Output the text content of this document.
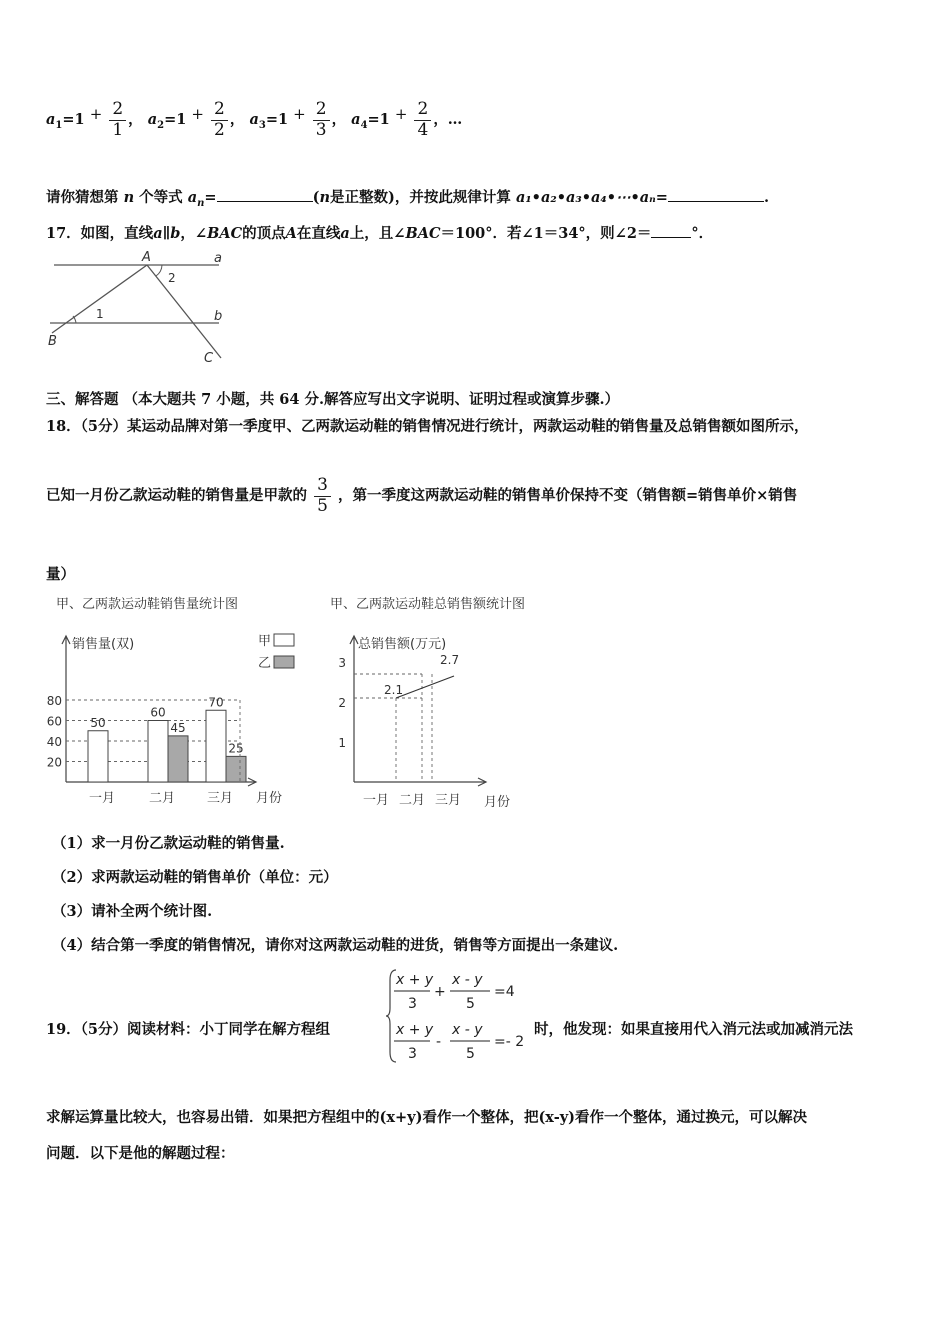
$a_1=1 + \frac{2}{1}$ ， $a_2=1 + \frac{2}{2}$ ， $a_3=1 + \frac{2}{3}$ ， $a_4=1 + \frac{2}{4}$ ，…
请你猜想第 n 个等式 $a_n=$	(n是正整数)，并按此规律计算 a₁•a₂•a₃•a₄•⋯•aₙ=	.
17．如图，直线a∥b，∠BAC的顶点A在直线a上，且∠BAC＝100°．若∠1＝34°，则∠2＝	°．
A	a
b
B
C
1
2
三、解答题 （本大题共 7 小题，共 64 分.解答应写出文字说明、证明过程或演算步骤.）
18．（5分）某运动品牌对第一季度甲、乙两款运动鞋的销售情况进行统计，两款运动鞋的销售量及总销售额如图所示，
已知一月份乙款运动鞋的销售量是甲款的 $\frac{3}{5}$ ，第一季度这两款运动鞋的销售单价保持不变（销售额=销售单价×销售
量）
甲、乙两款运动鞋销售量统计图	甲、乙两款运动鞋总销售额统计图
销售量(双)
月份
20
40
60
80
甲
乙
一月	二月 三月
50
60
70
45
25
总销售额(万元)
月份
1
2
3
一月 二月 三月
2.1
2.7
（1）求一月份乙款运动鞋的销售量.
（2）求两款运动鞋的销售单价（单位：元）
（3）请补全两个统计图.
（4）结合第一季度的销售情况，请你对这两款运动鞋的进货，销售等方面提出一条建议.
19．（5分）阅读材料：小丁同学在解方程组
x + y
3
+
x - y
5
=4
x + y
3
-
x - y
5
=- 2
时，他发现：如果直接用代入消元法或加减消元法
求解运算量比较大，也容易出错．如果把方程组中的(x+y)看作一个整体，把(x-y)看作一个整体，通过换元，可以解决
问题．以下是他的解题过程：
